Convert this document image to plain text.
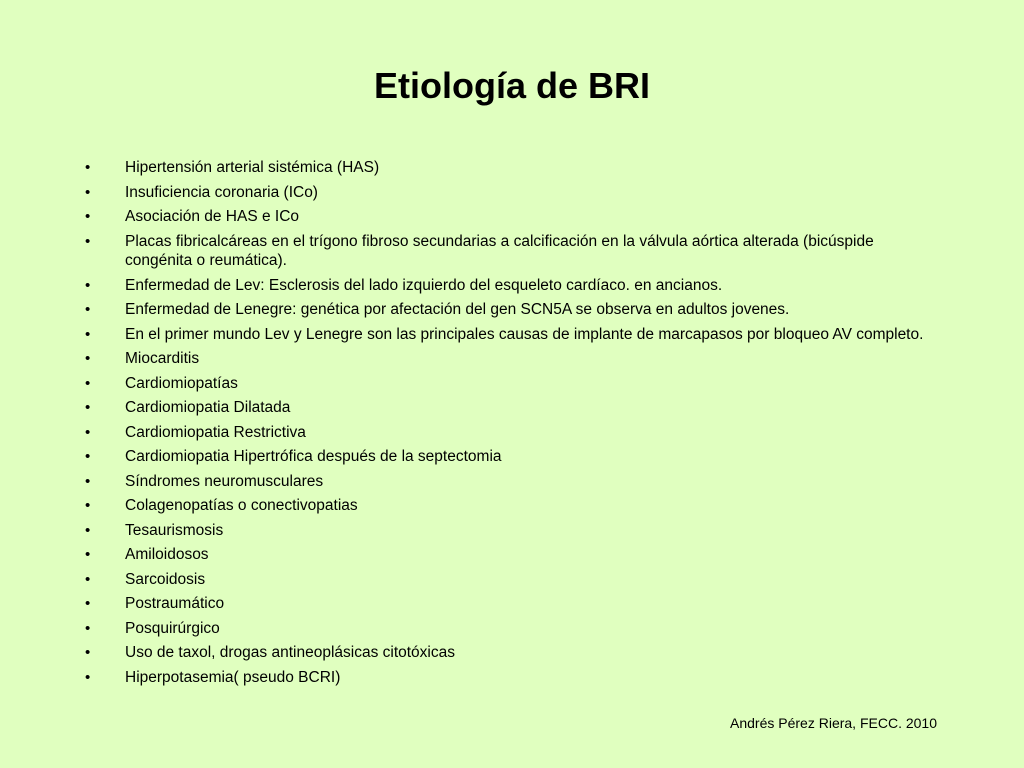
Etiología de BRI
•	Hipertensión arterial sistémica (HAS)
•	Insuficiencia coronaria (ICo)
•	Asociación de HAS e ICo
•	Placas fibricalcáreas en el trígono fibroso secundarias a calcificación en la válvula aórtica alterada (bicúspide congénita o reumática).
•	Enfermedad de Lev: Esclerosis del lado izquierdo del esqueleto cardíaco. en ancianos.
•	Enfermedad de Lenegre: genética por afectación del gen SCN5A se observa en adultos jovenes.
•	En el primer mundo Lev y Lenegre son las principales causas de implante de marcapasos por bloqueo AV completo.
•	Miocarditis
•	Cardiomiopatías
•	Cardiomiopatia Dilatada
•	Cardiomiopatia Restrictiva
•	Cardiomiopatia Hipertrófica después de la septectomia
•	Síndromes neuromusculares
•	Colagenopatías o conectivopatias
•	Tesaurismosis
•	Amiloidosos
•	Sarcoidosis
•	Postraumático
•	Posquirúrgico
•	Uso de taxol, drogas antineoplásicas citotóxicas
•	Hiperpotasemia( pseudo BCRI)
Andrés Pérez Riera, FECC. 2010
